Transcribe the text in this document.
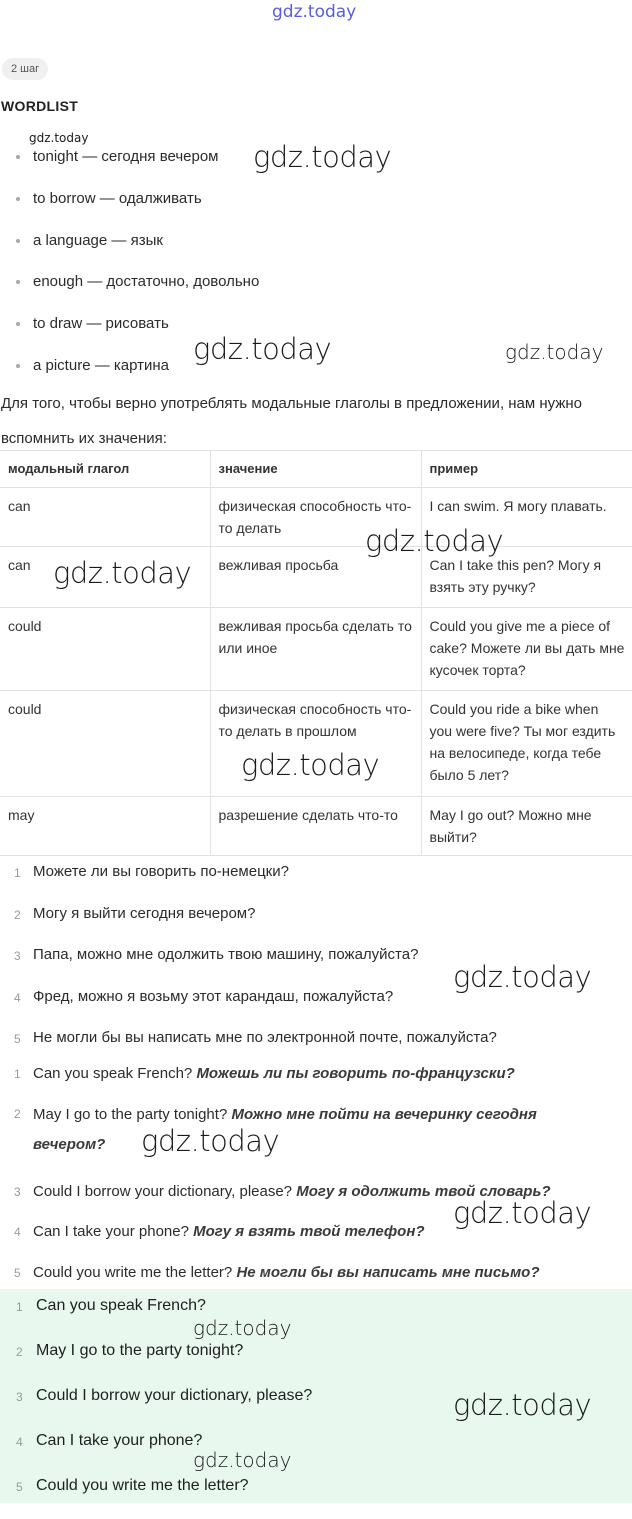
gdz.today
2 шаг
WORDLIST
tonight — сегодня вечером
to borrow — одалживать
a language — язык
enough — достаточно, довольно
to draw — рисовать
a picture — картина
Для того, чтобы верно употреблять модальные глаголы в предложении, нам нужно вспомнить их значения:
модальный глагол	значение	пример
can	физическая способность что-то делать	I can swim. Я могу плавать.
can	вежливая просьба	Can I take this pen? Могу я взять эту ручку?
could	вежливая просьба сделать то или иное	Could you give me a piece of cake? Можете ли вы дать мне кусочек торта?
could	физическая способность что-то делать в прошлом	Could you ride a bike when you were five? Ты мог ездить на велосипеде, когда тебе было 5 лет?
may	разрешение сделать что-то	May I go out? Можно мне выйти?
1 Можете ли вы говорить по-немецки?
2 Могу я выйти сегодня вечером?
3 Папа, можно мне одолжить твою машину, пожалуйста?
4 Фред, можно я возьму этот карандаш, пожалуйста?
5 Не могли бы вы написать мне по электронной почте, пожалуйста?
1 Can you speak French? Можешь ли пы говорить по-французски?
2 May I go to the party tonight? Можно мне пойти на вечеринку сегодня вечером?
3 Could I borrow your dictionary, please? Могу я одолжить твой словарь?
4 Can I take your phone? Могу я взять твой телефон?
5 Could you write me the letter? Не могли бы вы написать мне письмо?
1 Can you speak French?
2 May I go to the party tonight?
3 Could I borrow your dictionary, please?
4 Can I take your phone?
5 Could you write me the letter?
gdz.today
gdz.today
gdz.today	gdz.today
gdz.today
gdz.today
gdz.today
gdz.today
gdz.today
gdz.today
gdz.today
gdz.today
gdz.today
